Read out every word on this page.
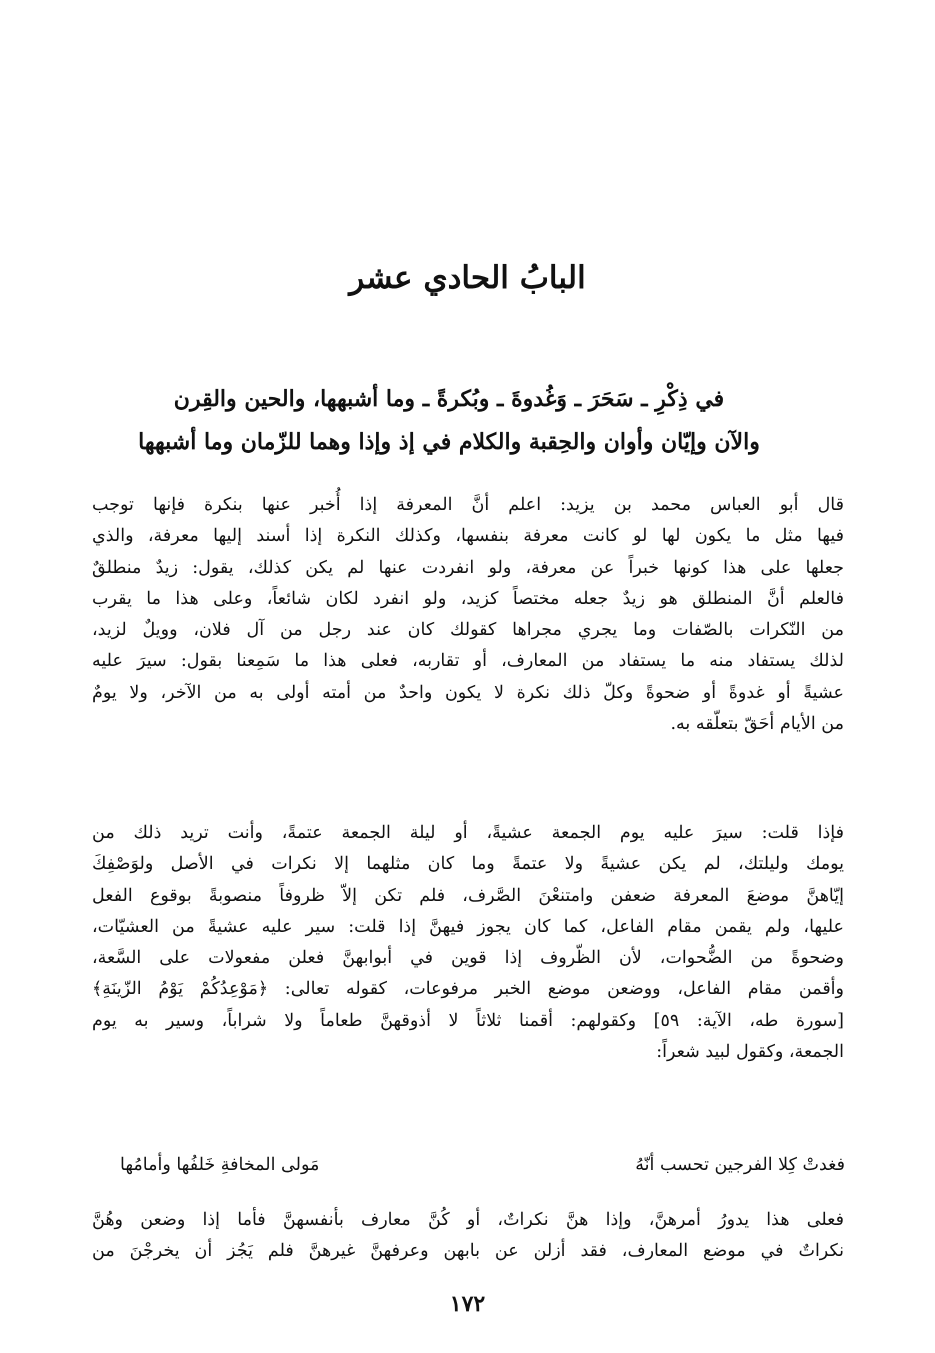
البابُ الحادي عشر
في ذِكْرِ ـ سَحَرَ ـ وَغُدوةَ ـ وبُكرةً ـ وما أشبهها، والحين والقِرن
والآن وإيّان وأوان والحِقبة والكلام في إذ وإذا وهما للزّمان وما أشبهها
قال أبو العباس محمد بن يزيد: اعلم أنَّ المعرفة إذا أُخبر عنها بنكرة فإنها توجب
فيها مثل ما يكون لها لو كانت معرفة بنفسها، وكذلك النكرة إذا أسند إليها معرفة، والذي
جعلها على هذا كونها خبراً عن معرفة، ولو انفردت عنها لم يكن كذلك، يقول: زيدٌ منطلقٌ
فالعلم أنَّ المنطلق هو زيدٌ جعله مختصاً كزيد، ولو انفرد لكان شائعاً، وعلى هذا ما يقرب
من النّكرات بالصّفات وما يجري مجراها كقولك كان عند رجل من آل فلان، وويلٌ لزيد،
لذلك يستفاد منه ما يستفاد من المعارف، أو تقاربه، فعلى هذا ما سَمِعنا بقول: سيرَ عليه
عشيةً أو غدوةً أو ضحوةً وكلّ ذلك نكرة لا يكون واحدٌ من أمته أولى به من الآخر، ولا يومٌ
من الأيام أحَقّ بتعلّقه به.
فإذا قلت: سيرَ عليه يوم الجمعة عشيةً، أو ليلة الجمعة عتمةً، وأنت تريد ذلك من
يومك وليلتك، لم يكن عشيةً ولا عتمةً وما كان مثلهما إلا نكرات في الأصل ولوَصْفِكَ
إيّاهنَّ موضعَ المعرفة ضعفن وامتنعْنَ الصَّرف، فلم تكن إلاّ ظروفاً منصوبةً بوقوع الفعل
عليها، ولم يقمن مقام الفاعل، كما كان يجوز فيهنَّ إذا قلت: سير عليه عشيةً من العشيّات،
وضحوةً من الضُّحوات، لأن الظّروف إذا قوين في أبوابهنَّ فعلن مفعولات على السَّعة،
وأقمن مقام الفاعل، ووضعن موضع الخبر مرفوعات، كقوله تعالى: ﴿مَوْعِدُكُمْ يَوْمُ الزّينَةِ﴾
[سورة طه، الآية: ٥٩] وكقولهم: أقمنا ثلاثاً لا أذوقهنَّ طعاماً ولا شراباً، وسير به يوم
الجمعة، وكقول لبيد شعراً:
فغدتْ كِلا الفرجين تحسب أنّهُ
مَولى المخافةِ خَلفُها وأمامُها
فعلى هذا يدورُ أمرهنَّ، وإذا هنَّ نكراتٌ، أو كُنَّ معارف بأنفسهنَّ فأما إذا وضعن وهُنَّ
نكراتٌ في موضع المعارف، فقد أزلن عن بابهن وعرفهنَّ غيرهنَّ فلم يَجُز أن يخرجْنَ من
١٧٢
